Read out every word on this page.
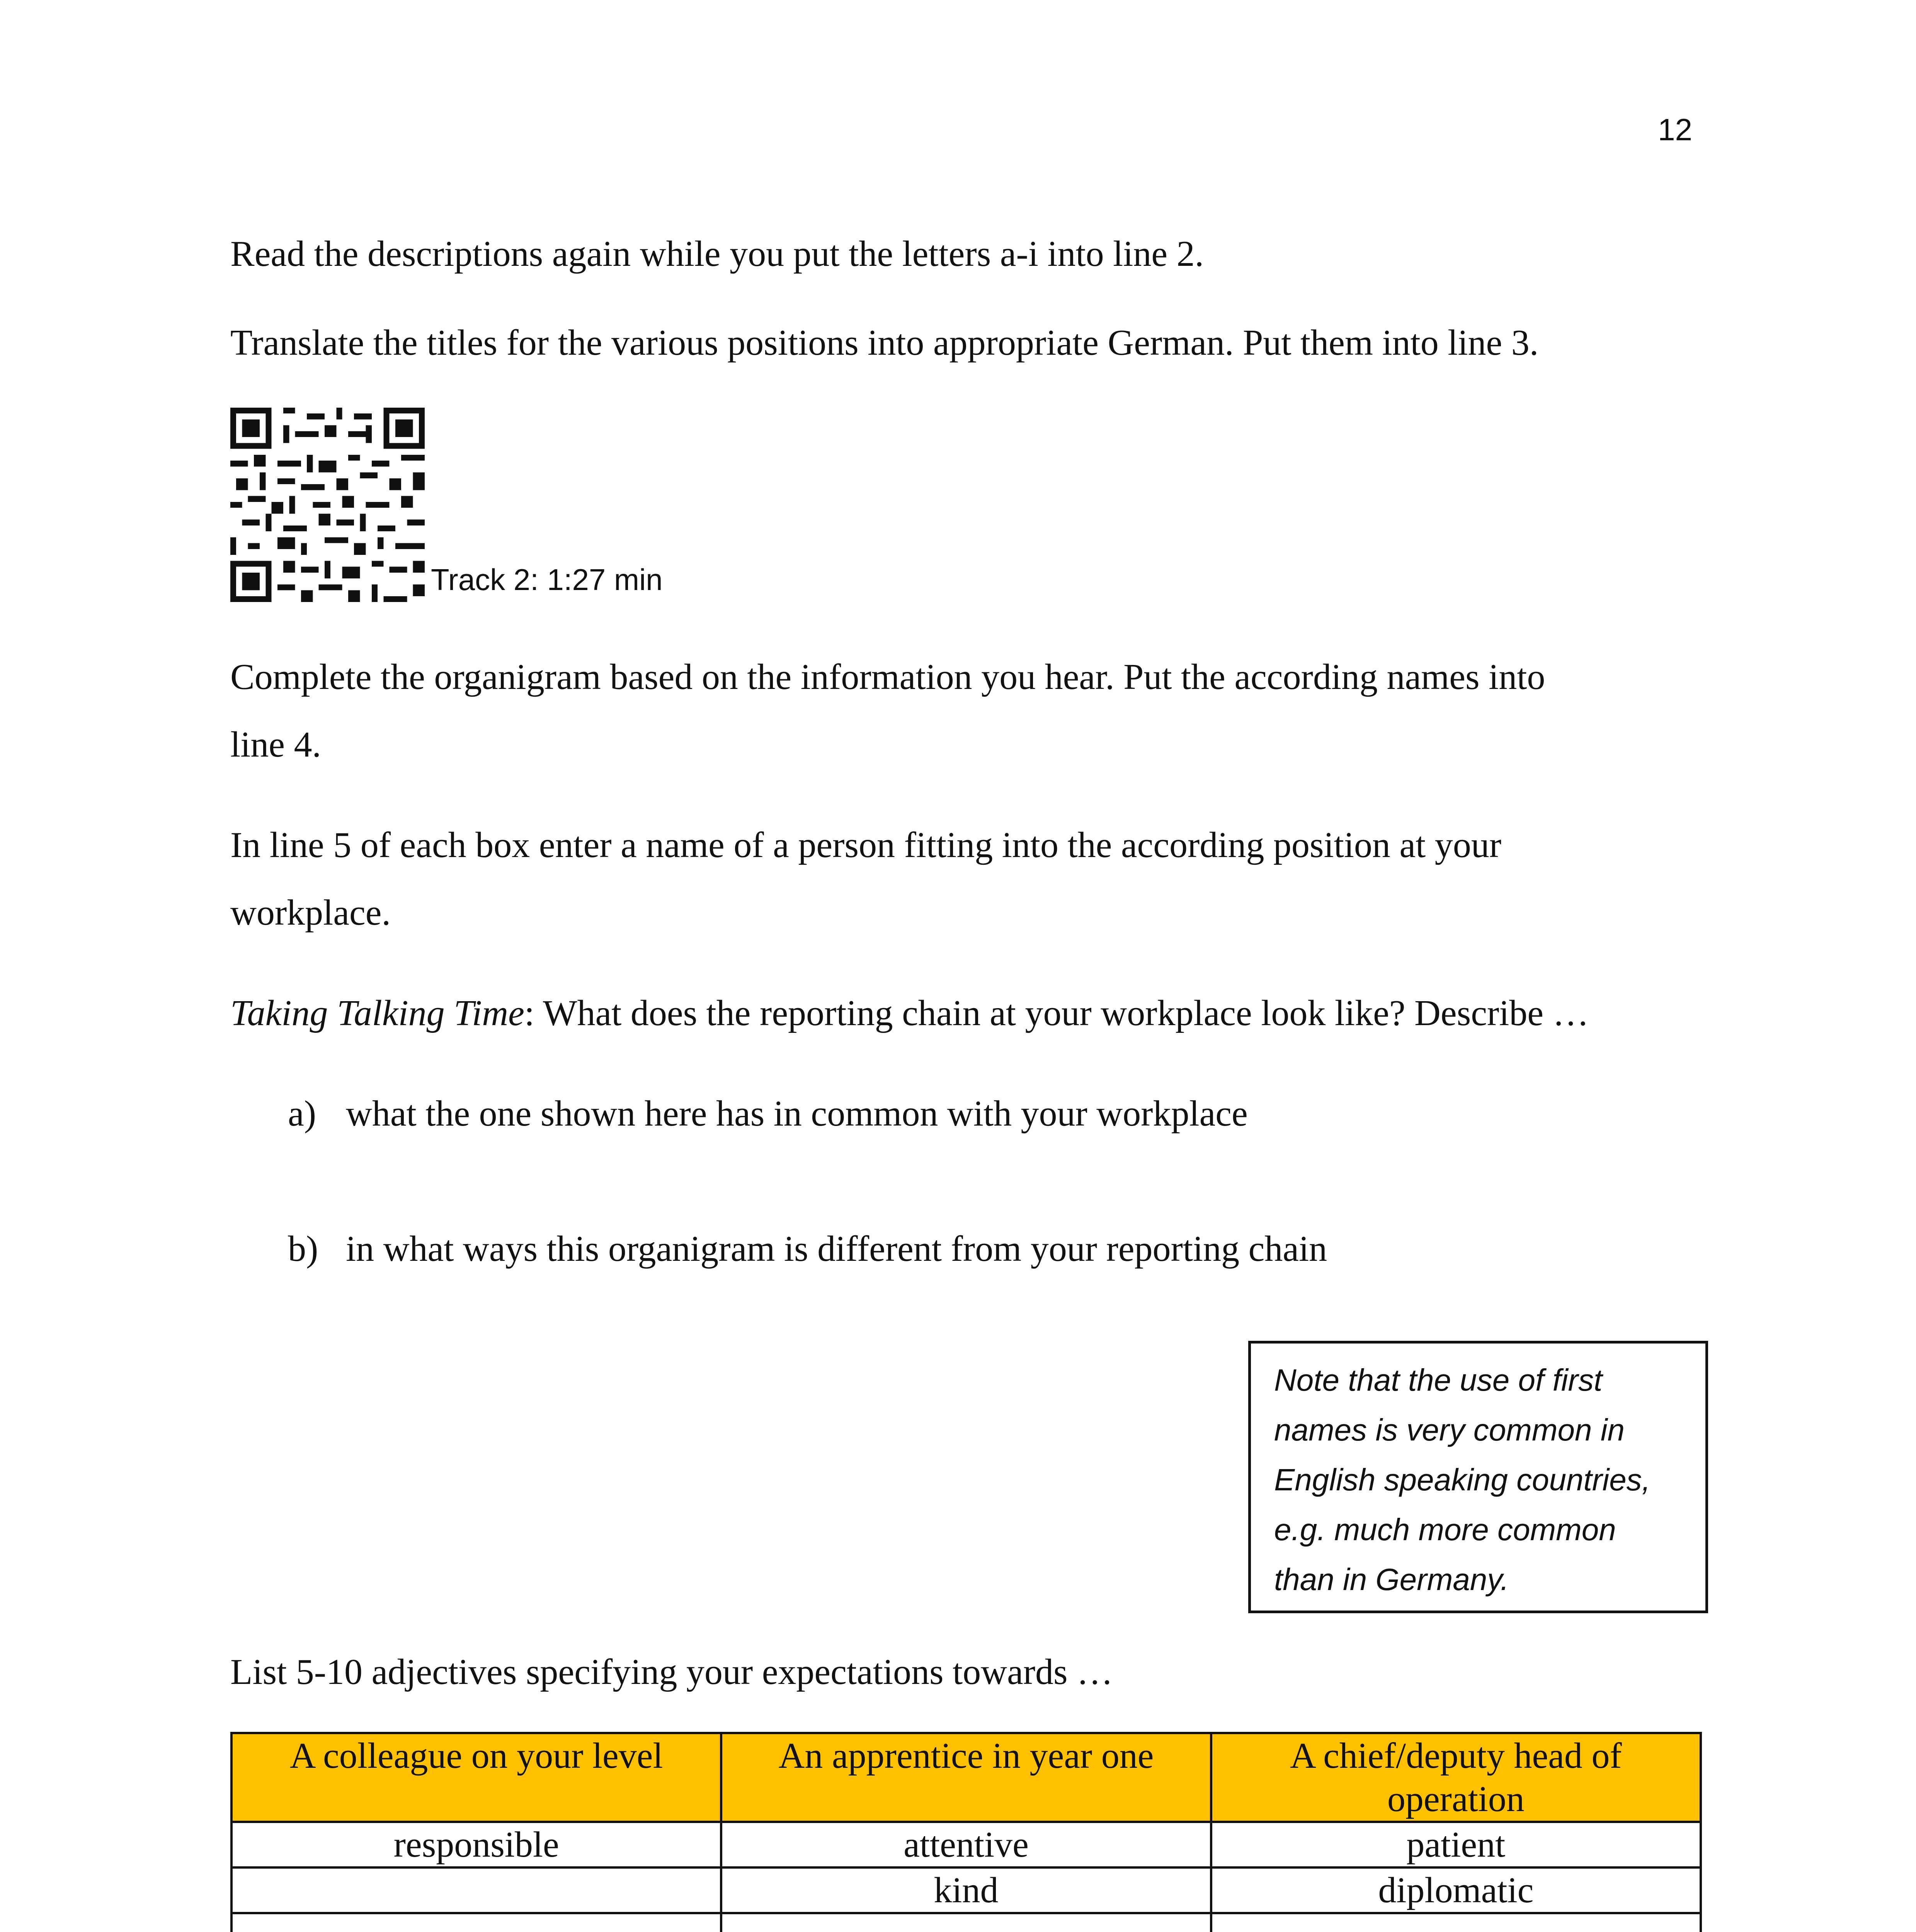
12
Read the descriptions again while you put the letters a-i into line 2.
Translate the titles for the various positions into appropriate German. Put them into line 3.
Track 2: 1:27 min
Complete the organigram based on the information you hear. Put the according names into
line 4.
In line 5 of each box enter a name of a person fitting into the according position at your
workplace.
Taking Talking Time: What does the reporting chain at your workplace look like? Describe …
a) what the one shown here has in common with your workplace
b) in what ways this organigram is different from your reporting chain
Note that the use of first
names is very common in
English speaking countries,
e.g. much more common
than in Germany.
List 5-10 adjectives specifying your expectations towards …
A colleague on your level	An apprentice in year one	A chief/deputy head of operation
responsible	attentive	patient
	kind	diplomatic
